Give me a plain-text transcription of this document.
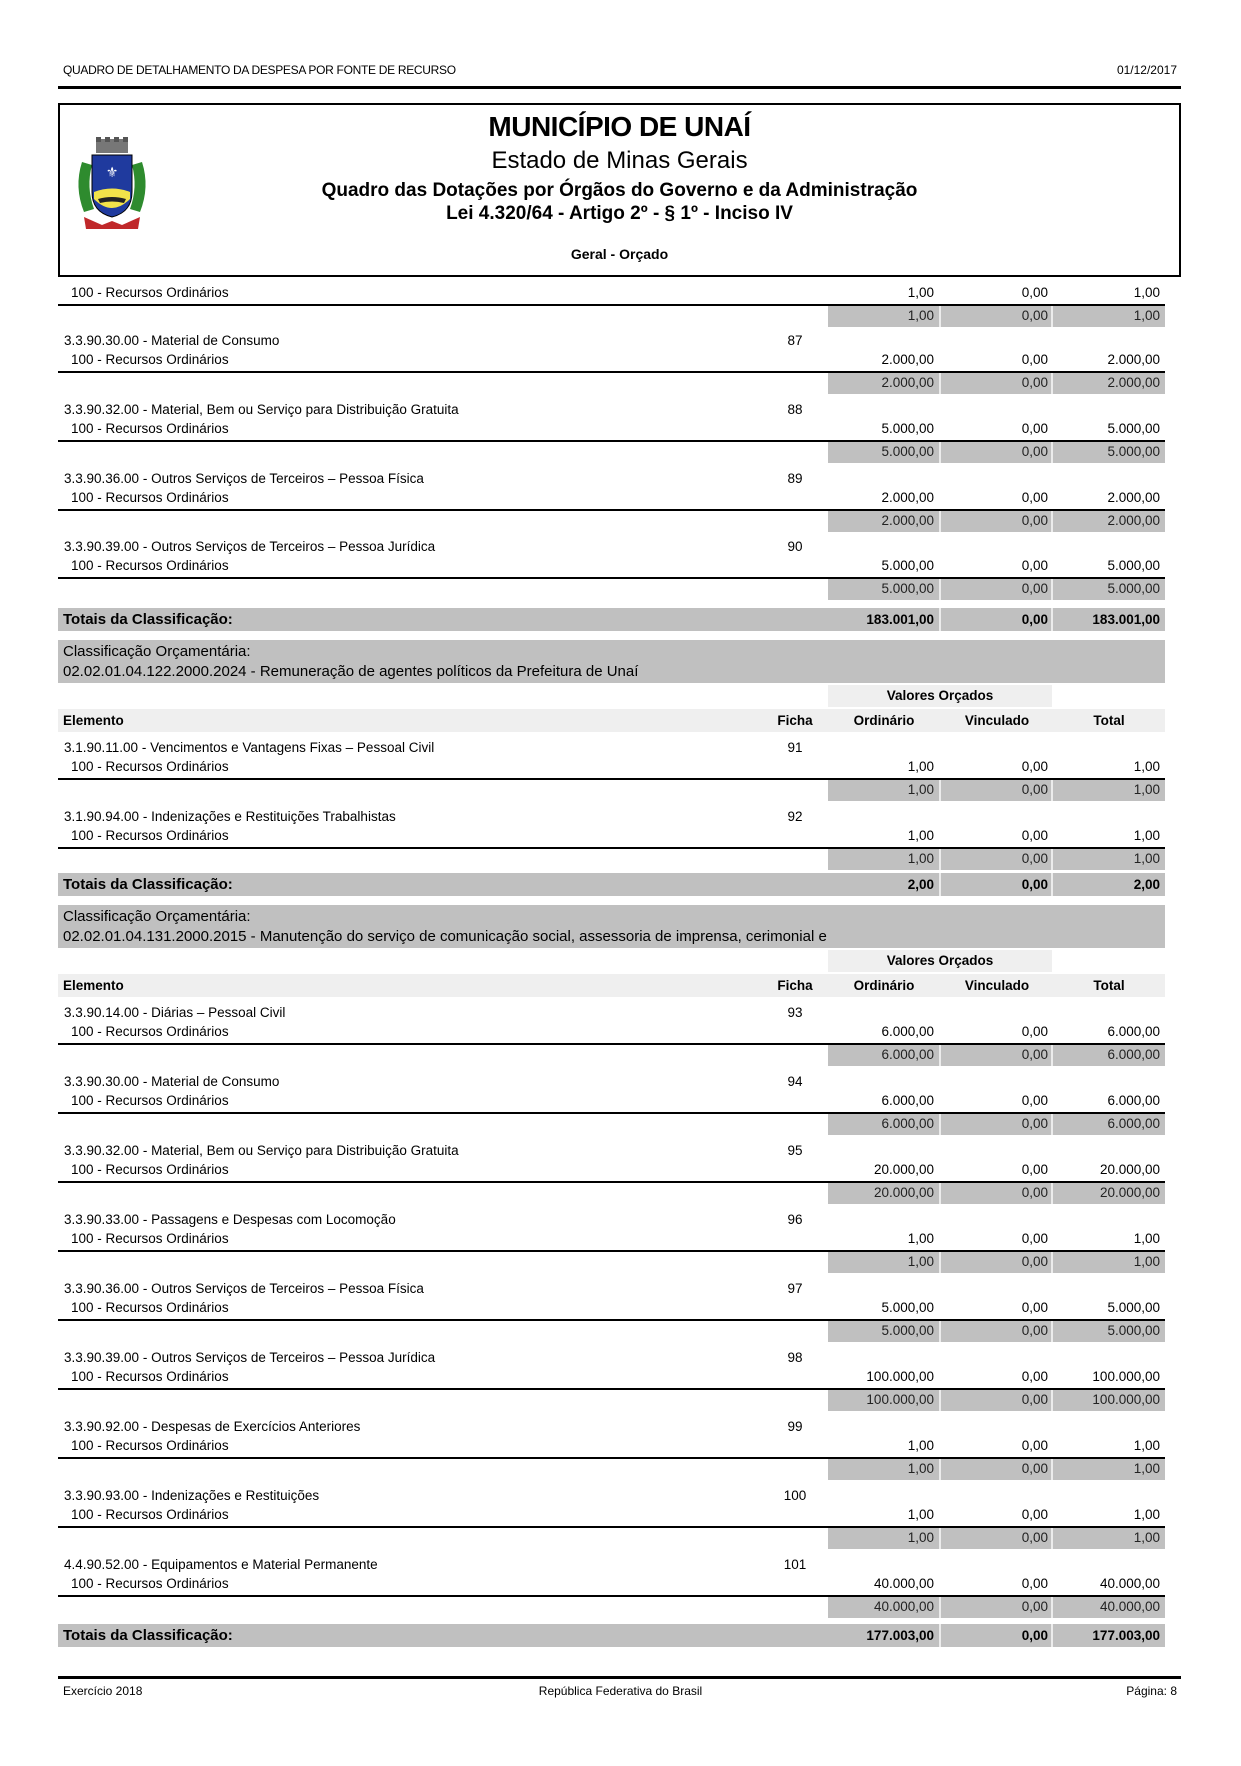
QUADRO DE DETALHAMENTO DA DESPESA POR FONTE DE RECURSO	01/12/2017
⚜
MUNICÍPIO DE UNAÍ
Estado de Minas Gerais
Quadro das Dotações por Órgãos do Governo e da Administração
Lei 4.320/64 - Artigo 2º - § 1º - Inciso IV
Geral - Orçado
100 - Recursos Ordinários	1,00	0,00	1,00
1,00	0,00	1,00
3.3.90.30.00 - Material de Consumo	87
100 - Recursos Ordinários	2.000,00	0,00	2.000,00
2.000,00	0,00	2.000,00
3.3.90.32.00 - Material, Bem ou Serviço para Distribuição Gratuita	88
100 - Recursos Ordinários	5.000,00	0,00	5.000,00
5.000,00	0,00	5.000,00
3.3.90.36.00 - Outros Serviços de Terceiros – Pessoa Física	89
100 - Recursos Ordinários	2.000,00	0,00	2.000,00
2.000,00	0,00	2.000,00
3.3.90.39.00 - Outros Serviços de Terceiros – Pessoa Jurídica	90
100 - Recursos Ordinários	5.000,00	0,00	5.000,00
5.000,00	0,00	5.000,00
Totais da Classificação:	183.001,00	0,00	183.001,00
Classificação Orçamentária:
02.02.01.04.122.2000.2024 - Remuneração de agentes políticos da Prefeitura de Unaí
Valores Orçados
Elemento	Ficha	Ordinário	Vinculado	Total
3.1.90.11.00 - Vencimentos e Vantagens Fixas – Pessoal Civil	91
100 - Recursos Ordinários	1,00	0,00	1,00
1,00	0,00	1,00
3.1.90.94.00 - Indenizações e Restituições Trabalhistas	92
100 - Recursos Ordinários	1,00	0,00	1,00
1,00	0,00	1,00
Totais da Classificação:	2,00	0,00	2,00
Classificação Orçamentária:
02.02.01.04.131.2000.2015 - Manutenção do serviço de comunicação social, assessoria de imprensa, cerimonial e
Valores Orçados
Elemento	Ficha	Ordinário	Vinculado	Total
3.3.90.14.00 - Diárias – Pessoal Civil	93
100 - Recursos Ordinários	6.000,00	0,00	6.000,00
6.000,00	0,00	6.000,00
3.3.90.30.00 - Material de Consumo	94
100 - Recursos Ordinários	6.000,00	0,00	6.000,00
6.000,00	0,00	6.000,00
3.3.90.32.00 - Material, Bem ou Serviço para Distribuição Gratuita	95
100 - Recursos Ordinários	20.000,00	0,00	20.000,00
20.000,00	0,00	20.000,00
3.3.90.33.00 - Passagens e Despesas com Locomoção	96
100 - Recursos Ordinários	1,00	0,00	1,00
1,00	0,00	1,00
3.3.90.36.00 - Outros Serviços de Terceiros – Pessoa Física	97
100 - Recursos Ordinários	5.000,00	0,00	5.000,00
5.000,00	0,00	5.000,00
3.3.90.39.00 - Outros Serviços de Terceiros – Pessoa Jurídica	98
100 - Recursos Ordinários	100.000,00	0,00	100.000,00
100.000,00	0,00	100.000,00
3.3.90.92.00 - Despesas de Exercícios Anteriores	99
100 - Recursos Ordinários	1,00	0,00	1,00
1,00	0,00	1,00
3.3.90.93.00 - Indenizações e Restituições	100
100 - Recursos Ordinários	1,00	0,00	1,00
1,00	0,00	1,00
4.4.90.52.00 - Equipamentos e Material Permanente	101
100 - Recursos Ordinários	40.000,00	0,00	40.000,00
40.000,00	0,00	40.000,00
Totais da Classificação:	177.003,00	0,00	177.003,00
Exercício 2018	República Federativa do Brasil	Página: 8
